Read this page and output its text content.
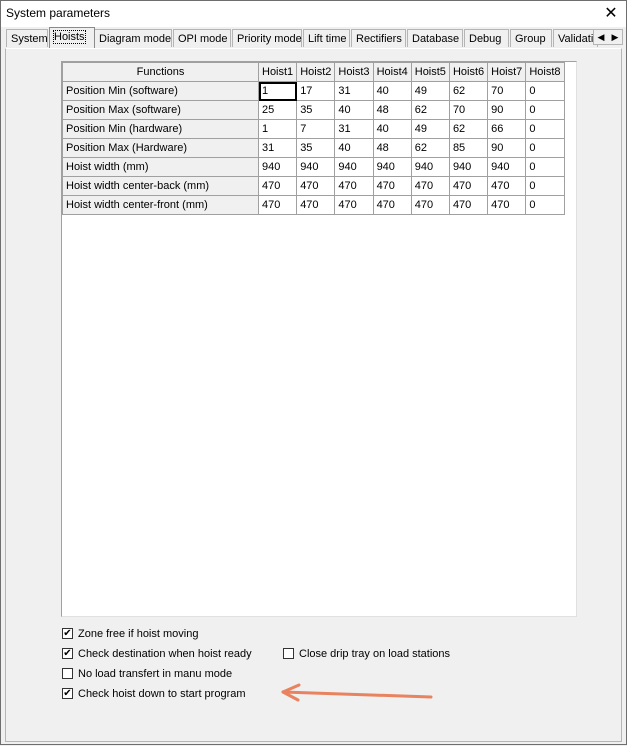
System parameters	✕
System Hoists	Diagram mode OPI mode Priority mode Lift time Rectifiers Database Debug	Group	Validati ◀ ▶
Functions	Hoist1	Hoist2	Hoist3	Hoist4	Hoist5	Hoist6	Hoist7	Hoist8
Position Min (software)	1	17	31	40	49	62	70	0
Position Max (software)	25	35	40	48	62	70	90	0
Position Min (hardware)	1	7	31	40	49	62	66	0
Position Max (Hardware)	31	35	40	48	62	85	90	0
Hoist width (mm)	940	940	940	940	940	940	940	0
Hoist width center-back (mm)	470	470	470	470	470	470	470	0
Hoist width center-front (mm)	470	470	470	470	470	470	470	0
✔ Zone free if hoist moving
✔ Check destination when hoist ready	Close drip tray on load stations
No load transfert in manu mode
✔ Check hoist down to start program
